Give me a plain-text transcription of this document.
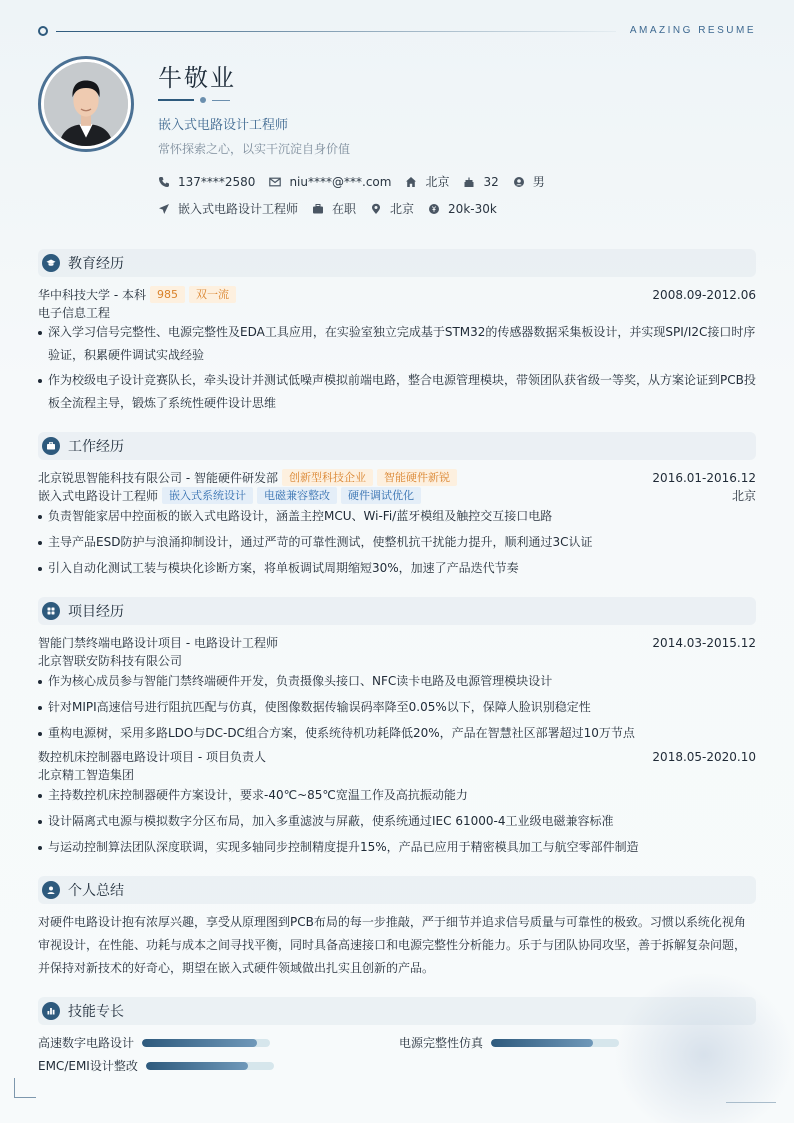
AMAZING RESUME
牛敬业
嵌入式电路设计工程师
常怀探索之心，以实干沉淀自身价值
137****2580	niu****@***.com	北京	32	男
嵌入式电路设计工程师	在职	北京	20k-30k
教育经历
华中科技大学 - 本科	985	双一流	2008.09-2012.06
电子信息工程
深入学习信号完整性、电源完整性及EDA工具应用，在实验室独立完成基于STM32的传感器数据采集板设计，并实现SPI/I2C接口时序验证，积累硬件调试实战经验
作为校级电子设计竞赛队长，牵头设计并测试低噪声模拟前端电路，整合电源管理模块，带领团队获省级一等奖，从方案论证到PCB投板全流程主导，锻炼了系统性硬件设计思维
工作经历
北京锐思智能科技有限公司 - 智能硬件研发部	创新型科技企业	智能硬件新锐	2016.01-2016.12
嵌入式电路设计工程师	嵌入式系统设计	电磁兼容整改	硬件调试优化	北京
负责智能家居中控面板的嵌入式电路设计，涵盖主控MCU、Wi-Fi/蓝牙模组及触控交互接口电路
主导产品ESD防护与浪涌抑制设计，通过严苛的可靠性测试，使整机抗干扰能力提升，顺利通过3C认证
引入自动化测试工装与模块化诊断方案，将单板调试周期缩短30%，加速了产品迭代节奏
项目经历
智能门禁终端电路设计项目 - 电路设计工程师	2014.03-2015.12
北京智联安防科技有限公司
作为核心成员参与智能门禁终端硬件开发，负责摄像头接口、NFC读卡电路及电源管理模块设计
针对MIPI高速信号进行阻抗匹配与仿真，使图像数据传输误码率降至0.05%以下，保障人脸识别稳定性
重构电源树，采用多路LDO与DC-DC组合方案，使系统待机功耗降低20%，产品在智慧社区部署超过10万节点
数控机床控制器电路设计项目 - 项目负责人	2018.05-2020.10
北京精工智造集团
主持数控机床控制器硬件方案设计，要求-40℃~85℃宽温工作及高抗振动能力
设计隔离式电源与模拟数字分区布局，加入多重滤波与屏蔽，使系统通过IEC 61000-4工业级电磁兼容标准
与运动控制算法团队深度联调，实现多轴同步控制精度提升15%，产品已应用于精密模具加工与航空零部件制造
个人总结
对硬件电路设计抱有浓厚兴趣，享受从原理图到PCB布局的每一步推敲，严于细节并追求信号质量与可靠性的极致。习惯以系统化视角审视设计，在性能、功耗与成本之间寻找平衡，同时具备高速接口和电源完整性分析能力。乐于与团队协同攻坚，善于拆解复杂问题，并保持对新技术的好奇心，期望在嵌入式硬件领域做出扎实且创新的产品。
技能专长
高速数字电路设计	电源完整性仿真
EMC/EMI设计整改
